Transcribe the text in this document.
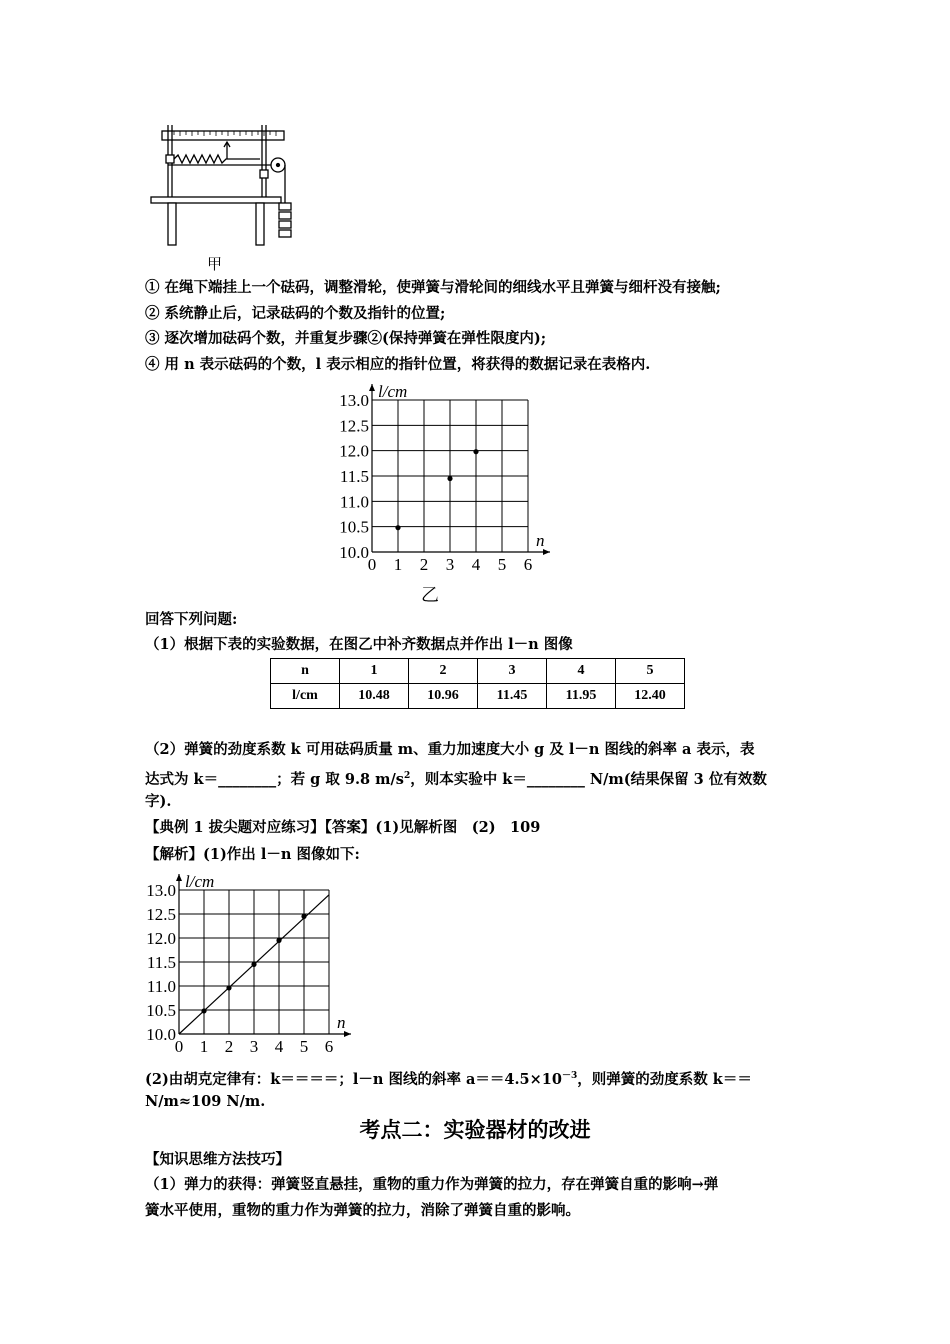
甲
① 在绳下端挂上一个砝码，调整滑轮，使弹簧与滑轮间的细线水平且弹簧与细杆没有接触;
② 系统静止后，记录砝码的个数及指针的位置;
③ 逐次增加砝码个数，并重复步骤②(保持弹簧在弹性限度内);
④ 用 n 表示砝码的个数，l 表示相应的指针位置，将获得的数据记录在表格内.
0 1 2 3 4 5 6
10.0
10.5
11.0
11.5
12.0
12.5
13.0 l/cm
n
回答下列问题:
（1）根据下表的实验数据，在图乙中补齐数据点并作出 l－n 图像
n	1	2	3	4	5
l/cm	10.48	10.96	11.45	11.95	12.40
（2）弹簧的劲度系数 k 可用砝码质量 m、重力加速度大小 g 及 l－n 图线的斜率 a 表示，表
达式为 k＝________；若 g 取 9.8 $m/s^2$，则本实验中 k＝________ N/m(结果保留 3 位有效数
字).
【典例 1 拔尖题对应练习】【答案】(1)见解析图　(2)　109
【解析】(1)作出 l－n 图像如下:
0 1 2 3 4 5 6
10.0
10.5
11.0
11.5
12.0
12.5
13.0 l/cm
n
(2)由胡克定律有：k＝＝＝＝；l－n 图线的斜率 $a==4.5\times 10^{-3}$，则弹簧的劲度系数 k＝＝
N/m≈109 N/m.
考点二：实验器材的改进
【知识思维方法技巧】
（1）弹力的获得：弹簧竖直悬挂，重物的重力作为弹簧的拉力，存在弹簧自重的影响→弹
簧水平使用，重物的重力作为弹簧的拉力，消除了弹簧自重的影响。
乙
